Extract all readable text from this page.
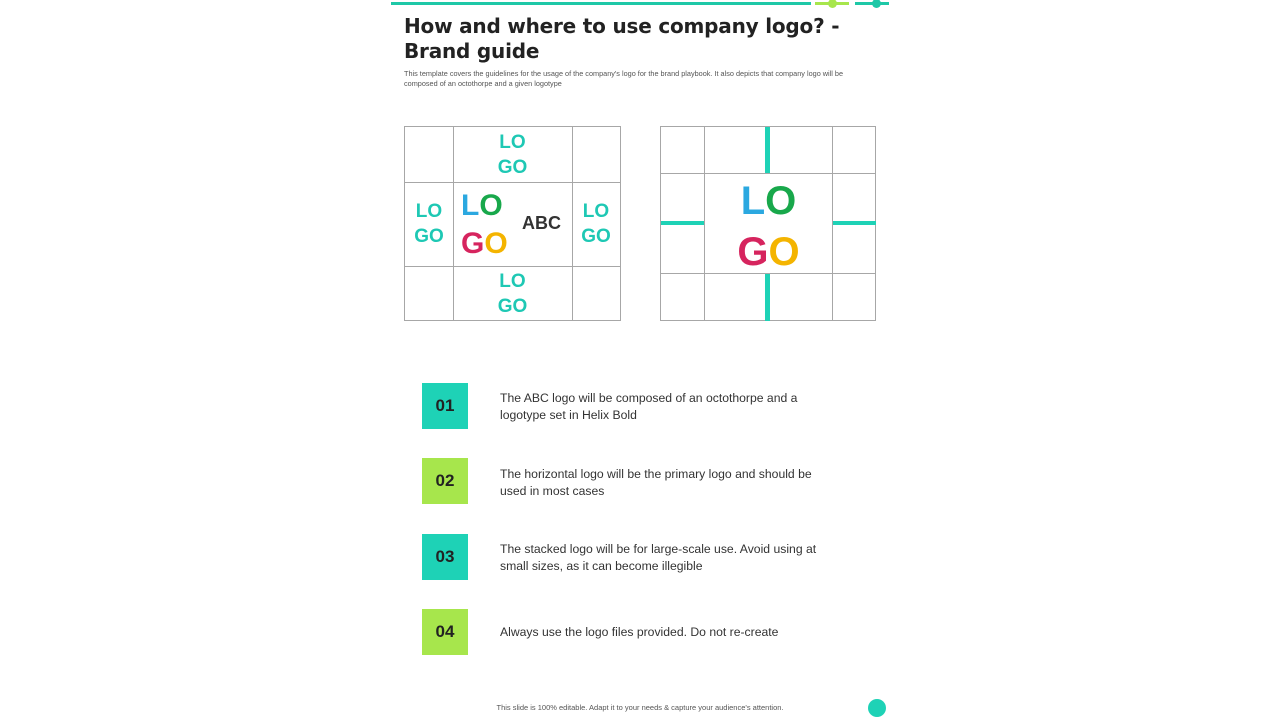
How and where to use company logo? -
Brand guide
This template covers the guidelines for the usage of the company's logo for the brand playbook. It also depicts that company logo will be composed of an octothorpe and a given logotype
LO
GO
LO
GO
LO
GO
LO
GO
LO
GO
ABC	LO
GO
01	The ABC logo will be composed of an octothorpe and a logotype set in Helix Bold
02	The horizontal logo will be the primary logo and should be used in most cases
03	The stacked logo will be for large-scale use. Avoid using at small sizes, as it can become illegible
04	Always use the logo files provided. Do not re-create
This slide is 100% editable. Adapt it to your needs & capture your audience's attention.
